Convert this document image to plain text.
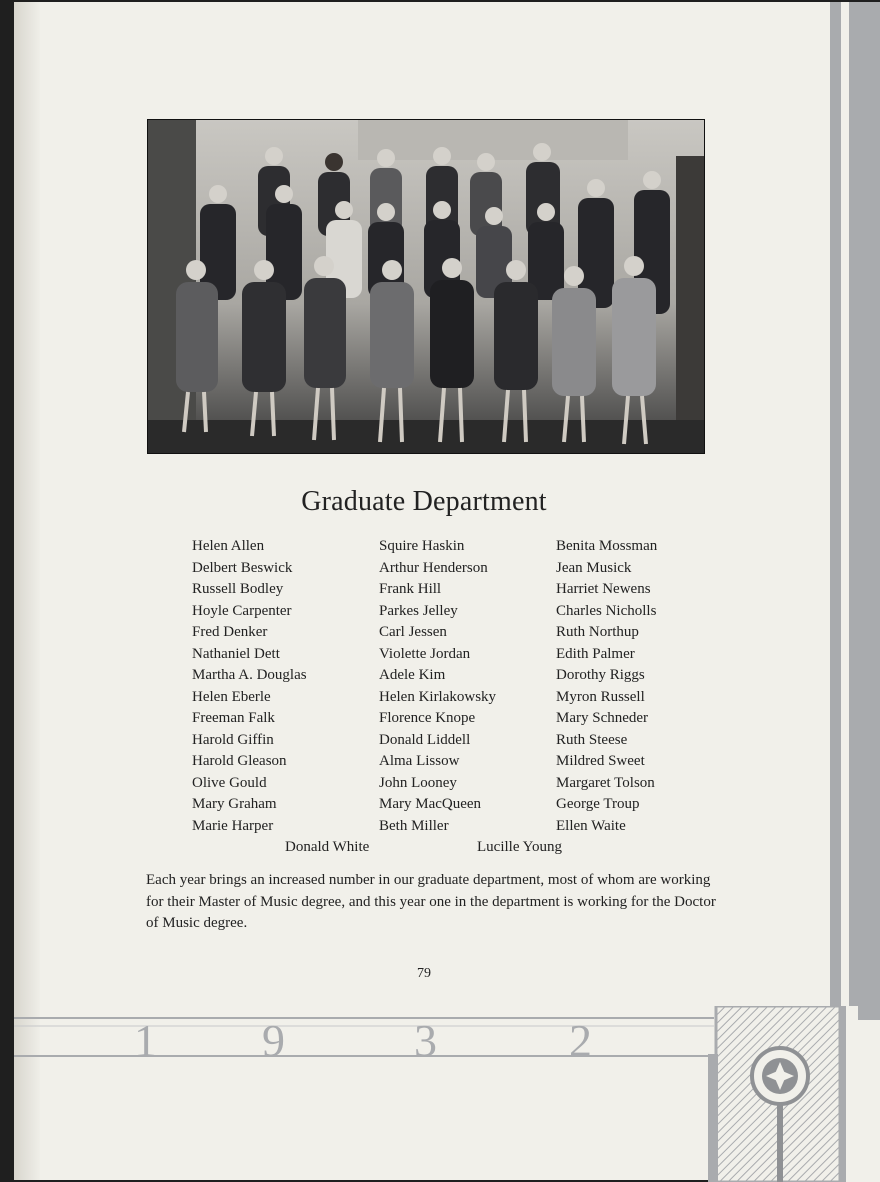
Graduate Department
Helen Allen
Delbert Beswick
Russell Bodley
Hoyle Carpenter
Fred Denker
Nathaniel Dett
Martha A. Douglas
Helen Eberle
Freeman Falk
Harold Giffin
Harold Gleason
Olive Gould
Mary Graham
Marie Harper
Squire Haskin
Arthur Henderson
Frank Hill
Parkes Jelley
Carl Jessen
Violette Jordan
Adele Kim
Helen Kirlakowsky
Florence Knope
Donald Liddell
Alma Lissow
John Looney
Mary MacQueen
Beth Miller
Benita Mossman
Jean Musick
Harriet Newens
Charles Nicholls
Ruth Northup
Edith Palmer
Dorothy Riggs
Myron Russell
Mary Schneder
Ruth Steese
Mildred Sweet
Margaret Tolson
George Troup
Ellen Waite
Donald White	Lucille Young

Each year brings an increased number in our graduate department, most of whom are working for their Master of Music degree, and this year one in the department is working for the Doctor of Music degree.

79
1 9	3	2
